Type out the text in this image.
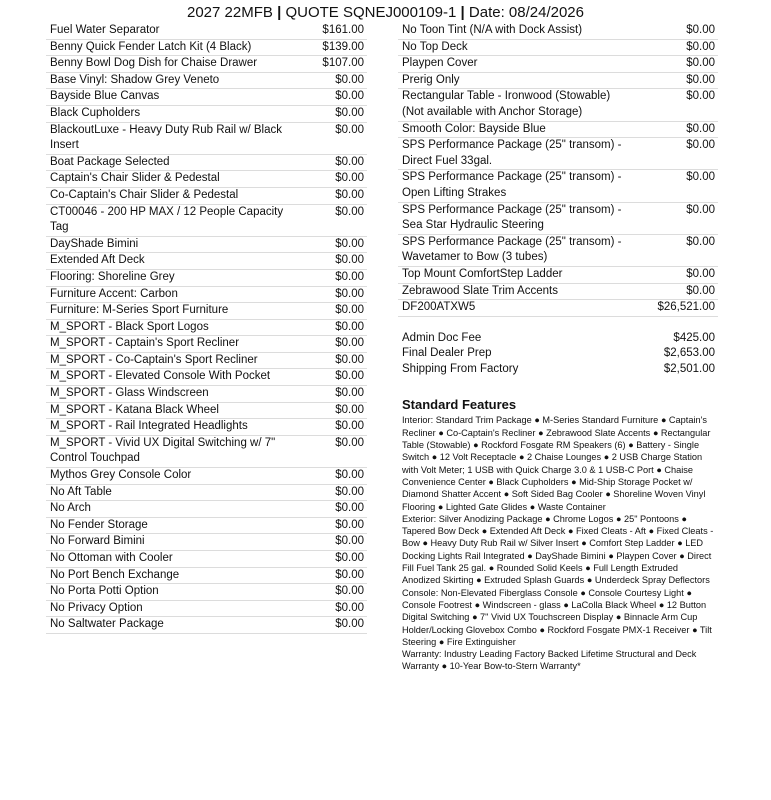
2027 22MFB | QUOTE SQNEJ000109-1 | Date: 08/24/2026
Fuel Water Separator	$161.00
Benny Quick Fender Latch Kit (4 Black)	$139.00
Benny Bowl Dog Dish for Chaise Drawer	$107.00
Base Vinyl: Shadow Grey Veneto	$0.00
Bayside Blue Canvas	$0.00
Black Cupholders	$0.00
BlackoutLuxe - Heavy Duty Rub Rail w/ Black Insert
$0.00
Boat Package Selected	$0.00
Captain's Chair Slider & Pedestal	$0.00
Co-Captain's Chair Slider & Pedestal	$0.00
CT00046 - 200 HP MAX / 12 People Capacity Tag
$0.00
DayShade Bimini	$0.00
Extended Aft Deck	$0.00
Flooring: Shoreline Grey	$0.00
Furniture Accent: Carbon	$0.00
Furniture: M-Series Sport Furniture	$0.00
M_SPORT - Black Sport Logos	$0.00
M_SPORT - Captain's Sport Recliner	$0.00
M_SPORT - Co-Captain's Sport Recliner	$0.00
M_SPORT - Elevated Console With Pocket	$0.00
M_SPORT - Glass Windscreen	$0.00
M_SPORT - Katana Black Wheel	$0.00
M_SPORT - Rail Integrated Headlights	$0.00
M_SPORT - Vivid UX Digital Switching w/ 7" Control Touchpad
$0.00
Mythos Grey Console Color	$0.00
No Aft Table	$0.00
No Arch	$0.00
No Fender Storage	$0.00
No Forward Bimini	$0.00
No Ottoman with Cooler	$0.00
No Port Bench Exchange	$0.00
No Porta Potti Option	$0.00
No Privacy Option	$0.00
No Saltwater Package	$0.00
No Toon Tint (N/A with Dock Assist)	$0.00
No Top Deck	$0.00
Playpen Cover	$0.00
Prerig Only	$0.00
Rectangular Table - Ironwood (Stowable) (Not available with Anchor Storage)
$0.00
Smooth Color: Bayside Blue	$0.00
SPS Performance Package (25" transom) - Direct Fuel 33gal.
$0.00
SPS Performance Package (25" transom) - Open Lifting Strakes
$0.00
SPS Performance Package (25" transom) - Sea Star Hydraulic Steering
$0.00
SPS Performance Package (25" transom) - Wavetamer to Bow (3 tubes)
$0.00
Top Mount ComfortStep Ladder	$0.00
Zebrawood Slate Trim Accents	$0.00
DF200ATXW5	$26,521.00
Admin Doc Fee	$425.00
Final Dealer Prep	$2,653.00
Shipping From Factory	$2,501.00
Standard Features
Interior: Standard Trim Package ● M-Series Standard Furniture ● Captain's Recliner ● Co-Captain's Recliner ● Zebrawood Slate Accents ● Rectangular Table (Stowable) ● Rockford Fosgate RM Speakers (6) ● Battery - Single Switch ● 12 Volt Receptacle ● 2 Chaise Lounges ● 2 USB Charge Station with Volt Meter; 1 USB with Quick Charge 3.0 & 1 USB-C Port ● Chaise Convenience Center ● Black Cupholders ● Mid-Ship Storage Pocket w/ Diamond Shatter Accent ● Soft Sided Bag Cooler ● Shoreline Woven Vinyl Flooring ● Lighted Gate Glides ● Waste Container
Exterior: Silver Anodizing Package ● Chrome Logos ● 25" Pontoons ● Tapered Bow Deck ● Extended Aft Deck ● Fixed Cleats - Aft ● Fixed Cleats - Bow ● Heavy Duty Rub Rail w/ Silver Insert ● Comfort Step Ladder ● LED Docking Lights Rail Integrated ● DayShade Bimini ● Playpen Cover ● Direct Fill Fuel Tank 25 gal. ● Rounded Solid Keels ● Full Length Extruded Anodized Skirting ● Extruded Splash Guards ● Underdeck Spray Deflectors
Console: Non-Elevated Fiberglass Console ● Console Courtesy Light ● Console Footrest ● Windscreen - glass ● LaColla Black Wheel ● 12 Button Digital Switching ● 7" Vivid UX Touchscreen Display ● Binnacle Arm Cup Holder/Locking Glovebox Combo ● Rockford Fosgate PMX-1 Receiver ● Tilt Steering ● Fire Extinguisher
Warranty: Industry Leading Factory Backed Lifetime Structural and Deck Warranty ● 10-Year Bow-to-Stern Warranty*
